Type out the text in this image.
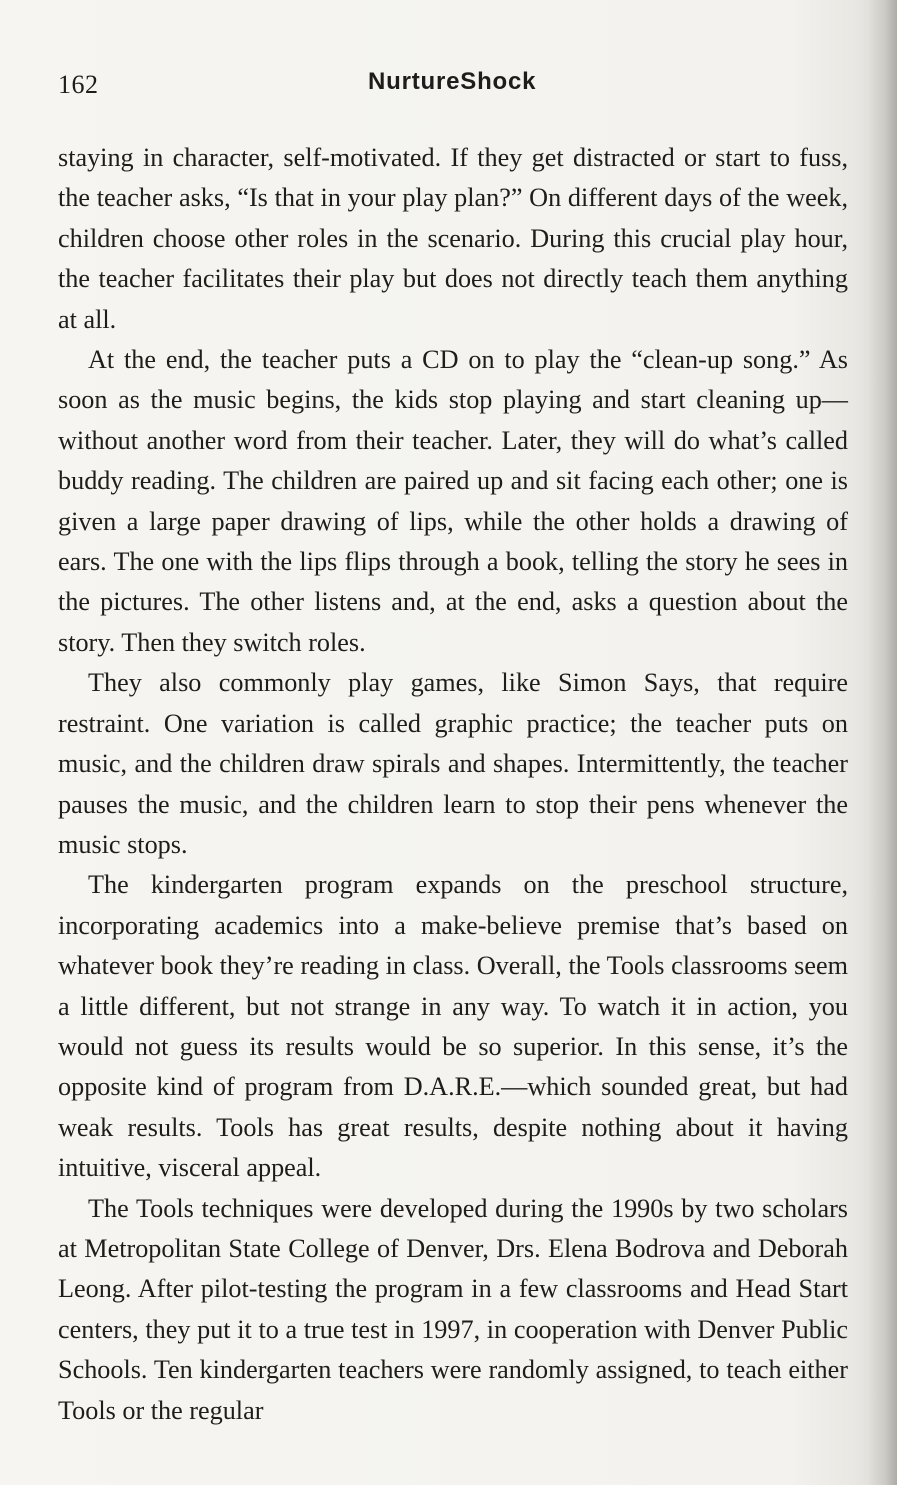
162	NurtureShock

staying in character, self-motivated. If they get distracted or start to fuss, the teacher asks, “Is that in your play plan?” On different days of the week, children choose other roles in the scenario. During this crucial play hour, the teacher facilitates their play but does not directly teach them anything at all.

At the end, the teacher puts a CD on to play the “clean-up song.” As soon as the music begins, the kids stop playing and start cleaning up—without another word from their teacher. Later, they will do what’s called buddy reading. The children are paired up and sit facing each other; one is given a large paper drawing of lips, while the other holds a drawing of ears. The one with the lips flips through a book, telling the story he sees in the pictures. The other listens and, at the end, asks a question about the story. Then they switch roles.

They also commonly play games, like Simon Says, that require restraint. One variation is called graphic practice; the teacher puts on music, and the children draw spirals and shapes. Intermittently, the teacher pauses the music, and the children learn to stop their pens whenever the music stops.

The kindergarten program expands on the preschool structure, incorporating academics into a make-believe premise that’s based on whatever book they’re reading in class. Overall, the Tools classrooms seem a little different, but not strange in any way. To watch it in action, you would not guess its results would be so superior. In this sense, it’s the opposite kind of program from D.A.R.E.—which sounded great, but had weak results. Tools has great results, despite nothing about it having intuitive, visceral appeal.

The Tools techniques were developed during the 1990s by two scholars at Metropolitan State College of Denver, Drs. Elena Bodrova and Deborah Leong. After pilot-testing the program in a few classrooms and Head Start centers, they put it to a true test in 1997, in cooperation with Denver Public Schools. Ten kindergarten teachers were randomly assigned, to teach either Tools or the regular
